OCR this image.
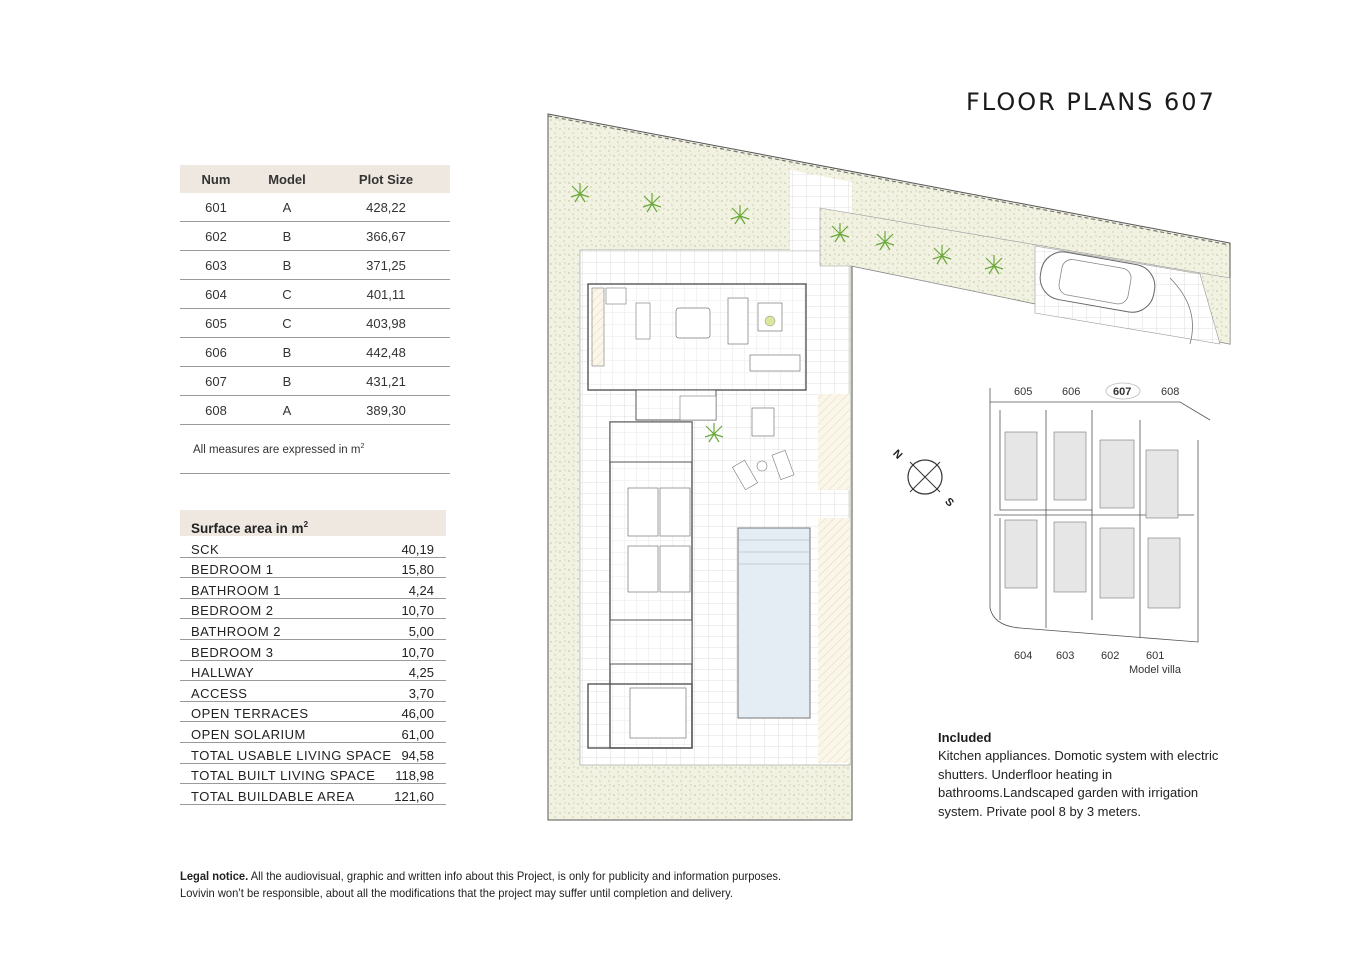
FLOOR PLANS 607
Num	Model	Plot Size
601	A	428,22
602	B	366,67
603	B	371,25
604	C	401,11
605	C	403,98
606	B	442,48
607	B	431,21
608	A	389,30
All measures are expressed in $m^2$
Surface area in $m^2$
SCK	40,19
BEDROOM 1	15,80
BATHROOM 1	4,24
BEDROOM 2	10,70
BATHROOM 2	5,00
BEDROOM 3	10,70
HALLWAY	4,25
ACCESS	3,70
OPEN TERRACES	46,00
OPEN SOLARIUM	61,00
TOTAL USABLE LIVING SPACE 94,58
TOTAL BUILT LIVING SPACE 118,98
TOTAL BUILDABLE AREA	121,60
N
S
605	606	607	608
604 603 602 601
Model villa
Included
Kitchen appliances. Domotic system with electric shutters. Underfloor heating in bathrooms.Landscaped garden with irrigation system. Private pool 8 by 3 meters.
Legal notice. All the audiovisual, graphic and written info about this Project, is only for publicity and information purposes.
Lovivin won’t be responsible, about all the modifications that the project may suffer until completion and delivery.
